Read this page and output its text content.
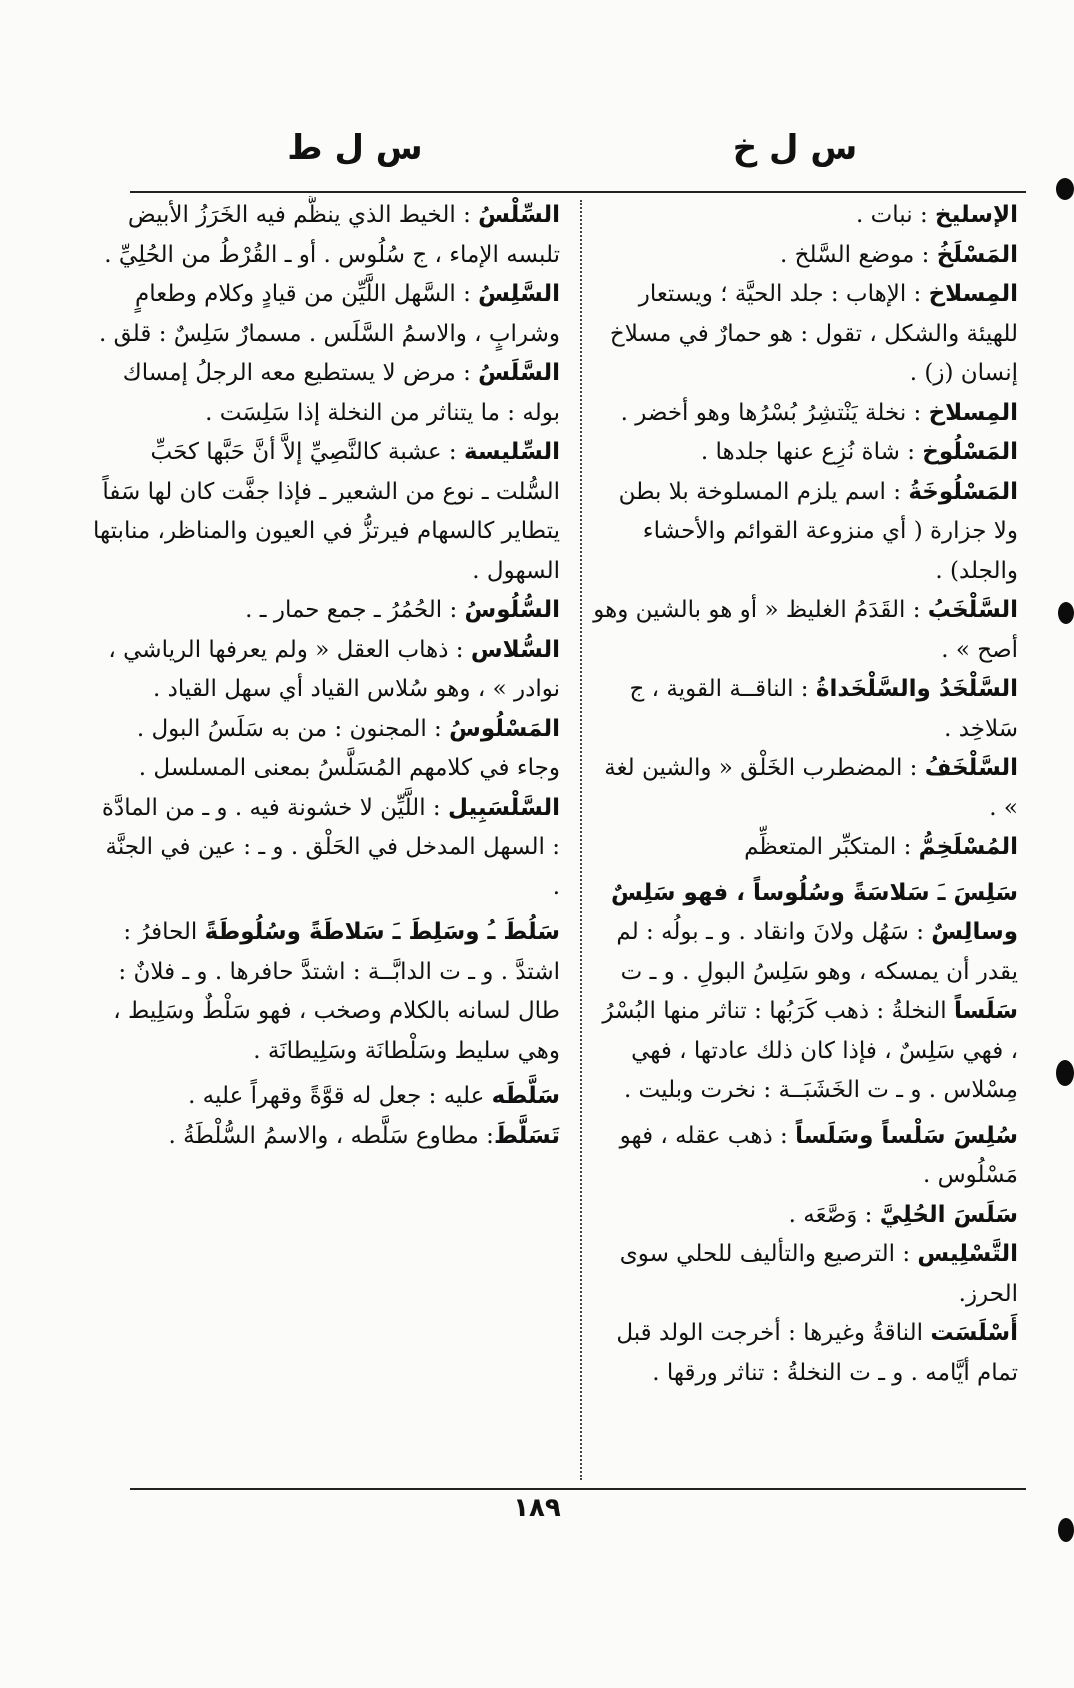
س ل خ
س ل ط

الإسليخ : نبات .

المَسْلَخُ : موضع السَّلخ .

المِسلاخ : الإهاب : جلد الحيَّة ؛ ويستعار للهيئة والشكل ، تقول : هو حمارٌ في مسلاخ إنسان (ز) .

المِسلاخ : نخلة يَنْتشِرُ بُسْرُها وهو أخضر .

المَسْلُوخ : شاة نُزِع عنها جلدها .

المَسْلُوخَةُ : اسم يلزم المسلوخة بلا بطن ولا جزارة ( أي منزوعة القوائم والأحشاء والجلد) .

السَّلْخَبُ : القَدَمُ الغليظ « أو هو بالشين وهو أصح » .

السَّلْخَدُ والسَّلْخَداةُ : الناقــة القوية ، ج سَلاخِد .

السَّلْخَفُ : المضطرب الخَلْق « والشين لغة » .

المُسْلَخِمُّ : المتكبِّر المتعظِّم

سَلِسَ ـَ سَلاسَةً وسُلُوساً ، فهو سَلِسٌ وسالِسٌ : سَهُل ولانَ وانقاد . و ـ بولُه : لم يقدر أن يمسكه ، وهو سَلِسُ البولِ . و ـ ت

سَلَساً النخلةُ : ذهب كَرَبُها : تناثر منها البُسْرُ ، فهي سَلِسٌ ، فإذا كان ذلك عادتها ، فهي مِسْلاس . و ـ ت الخَشَبَــة : نخرت وبليت .

سُلِسَ سَلْساً وسَلَساً : ذهب عقله ، فهو مَسْلُوس .

سَلَسَ الحُلِيَّ : وَصَّعَه .

التَّسْلِيس : الترصيع والتأليف للحلي سوى الحرز.

أَسْلَسَت الناقةُ وغيرها : أخرجت الولد قبل تمام أيَّامه . و ـ ت النخلةُ : تناثر ورقها .

السِّلْسُ : الخيط الذي ينظَّم فيه الخَرَزُ الأبيض تلبسه الإماء ، ج سُلُوس . أو ـ القُرْطُ من الحُلِيِّ .

السَّلِسُ : السَّهل اللَّيِّن من قيادٍ وكلام وطعامٍ وشرابٍ ، والاسمُ السَّلَس . مسمارٌ سَلِسٌ : قلق .

السَّلَسُ : مرض لا يستطيع معه الرجلُ إمساك بوله : ما يتناثر من النخلة إذا سَلِسَت .

السِّليسة : عشبة كالنَّصِيِّ إلاَّ أنَّ حَبَّها كحَبِّ السُّلت ـ نوع من الشعير ـ فإذا جفَّت كان لها سَفاً يتطاير كالسهام فيرتزُّ في العيون والمناظر، منابتها السهول .

السُّلُوسُ : الحُمُرُ ـ جمع حمار ـ .

السُّلاس : ذهاب العقل « ولم يعرفها الرياشي ، نوادر » ، وهو سُلاس القياد أي سهل القياد .

المَسْلُوسُ : المجنون : من به سَلَسُ البول . وجاء في كلامهم المُسَلَّسُ بمعنى المسلسل .

السَّلْسَبِيل : اللَّيِّن لا خشونة فيه . و ـ من المادَّة : السهل المدخل في الحَلْق . و ـ : عين في الجنَّة .

سَلُطَ ـُ وسَلِطَ ـَ سَلاطَةً وسُلُوطَةً الحافرُ : اشتدَّ . و ـ ت الدابَّــة : اشتدَّ حافرها . و ـ فلانٌ : طال لسانه بالكلام وصخب ، فهو سَلْطٌ وسَلِيط ، وهي سليط وسَلْطانَة وسَلِيطانَة .

سَلَّطَه عليه : جعل له قوَّةً وقهراً عليه .

تَسَلَّطَ: مطاوع سَلَّطه ، والاسمُ السُّلْطَةُ .

١٨٩
